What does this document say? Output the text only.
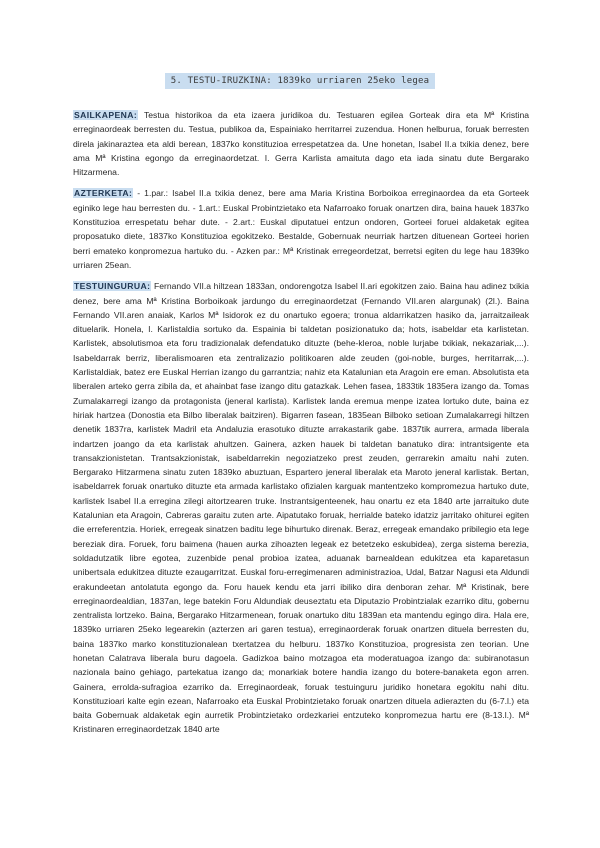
5. TESTU-IRUZKINA: 1839ko urriaren 25eko legea

SAILKAPENA: Testua historikoa da eta izaera juridikoa du. Testuaren egilea Gorteak dira eta Mª Kristina erreginaordeak berresten du. Testua, publikoa da, Espainiako herritarrei zuzendua. Honen helburua, foruak berresten direla jakinaraztea eta aldi berean, 1837ko konstituzioa errespetatzea da. Une honetan, Isabel II.a txikia denez, bere ama Mª Kristina egongo da erreginaordetzat. I. Gerra Karlista amaituta dago eta iada sinatu dute Bergarako Hitzarmena.

AZTERKETA: - 1.par.: Isabel II.a txikia denez, bere ama Maria Kristina Borboikoa erreginaordea da eta Gorteek eginiko lege hau berresten du. - 1.art.: Euskal Probintzietako eta Nafarroako foruak onartzen dira, baina hauek 1837ko Konstituzioa errespetatu behar dute. - 2.art.: Euskal diputatuei entzun ondoren, Gorteei foruei aldaketak egitea proposatuko diete, 1837ko Konstituzioa egokitzeko. Bestalde, Gobernuak neurriak hartzen dituenean Gorteei horien berri emateko konpromezua hartuko du. - Azken par.: Mª Kristinak erregeordetzat, berretsi egiten du lege hau 1839ko urriaren 25ean.

TESTUINGURUA: Fernando VII.a hiltzean 1833an, ondorengotza Isabel II.ari egokitzen zaio. Baina hau adinez txikia denez, bere ama Mª Kristina Borboikoak jardungo du erreginaordetzat (Fernando VII.aren alargunak) (2l.). Baina Fernando VII.aren anaiak, Karlos Mª Isidorok ez du onartuko egoera; tronua aldarrikatzen hasiko da, jarraitzaileak dituelarik. Honela, I. Karlistaldia sortuko da. Espainia bi taldetan posizionatuko da; hots, isabeldar eta karlistetan. Karlistek, absolutismoa eta foru tradizionalak defendatuko dituzte (behe-kleroa, noble lurjabe txikiak, nekazariak,...). Isabeldarrak berriz, liberalismoaren eta zentralizazio politikoaren alde zeuden (goi-noble, burges, herritarrak,...). Karlistaldiak, batez ere Euskal Herrian izango du garrantzia; nahiz eta Katalunian eta Aragoin ere eman. Absolutista eta liberalen arteko gerra zibila da, et ahainbat fase izango ditu gatazkak. Lehen fasea, 1833tik 1835era izango da. Tomas Zumalakarregi izango da protagonista (jeneral karlista). Karlistek landa eremua menpe izatea lortuko dute, baina ez hiriak hartzea (Donostia eta Bilbo liberalak baitziren). Bigarren fasean, 1835ean Bilboko setioan Zumalakarregi hiltzen denetik 1837ra, karlistek Madril eta Andaluzia erasotuko dituzte arrakastarik gabe. 1837tik aurrera, armada liberala indartzen joango da eta karlistak ahultzen. Gainera, azken hauek bi taldetan banatuko dira: intrantsigente eta transakzionistetan. Trantsakzionistak, isabeldarrekin negoziatzeko prest zeuden, gerrarekin amaitu nahi zuten. Bergarako Hitzarmena sinatu zuten 1839ko abuztuan, Espartero jeneral liberalak eta Maroto jeneral karlistak. Bertan, isabeldarrek foruak onartuko dituzte eta armada karlistako ofizialen karguak mantentzeko kompromezua hartuko dute, karlistek Isabel II.a erregina zilegi aitortzearen truke. Instrantsigenteenek, hau onartu ez eta 1840 arte jarraituko dute Katalunian eta Aragoin, Cabreras garaitu zuten arte. Aipatutako foruak, herrialde bateko idatziz jarritako ohiturei egiten die erreferentzia. Horiek, erregeak sinatzen baditu lege bihurtuko direnak. Beraz, erregeak emandako pribilegio eta lege bereziak dira. Foruek, foru baimena (hauen aurka zihoazten legeak ez betetzeko eskubidea), zerga sistema berezia, soldadutzatik libre egotea, zuzenbide penal probioa izatea, aduanak barnealdean edukitzea eta kaparetasun unibertsala edukitzea dituzte ezaugarritzat. Euskal foru-erregimenaren administrazioa, Udal, Batzar Nagusi eta Aldundi erakundeetan antolatuta egongo da. Foru hauek kendu eta jarri ibiliko dira denboran zehar. Mª Kristinak, bere erreginaordealdian, 1837an, lege batekin Foru Aldundiak deuseztatu eta Diputazio Probintzialak ezarriko ditu, gobernu zentralista lortzeko. Baina, Bergarako Hitzarmenean, foruak onartuko ditu 1839an eta mantendu egingo dira. Hala ere, 1839ko urriaren 25eko legearekin (azterzen ari garen testua), erreginaorderak foruak onartzen dituela berresten du, baina 1837ko marko konstituzionalean txertatzea du helburu. 1837ko Konstituzioa, progresista zen teorian. Une honetan Calatrava liberala buru dagoela. Gadizkoa baino motzagoa eta moderatuagoa izango da: subiranotasun nazionala baino gehiago, partekatua izango da; monarkiak botere handia izango du botere-banaketa egon arren. Gainera, errolda-sufragioa ezarriko da. Erreginaordeak, foruak testuinguru juridiko honetara egokitu nahi ditu. Konstituzioari kalte egin ezean, Nafarroako eta Euskal Probintzietako foruak onartzen dituela adierazten du (6-7.l.) eta baita Gobernuak aldaketak egin aurretik Probintzietako ordezkariei entzuteko konpromezua hartu ere (8-13.l.). Mª Kristinaren erreginaordetzak 1840 arte
